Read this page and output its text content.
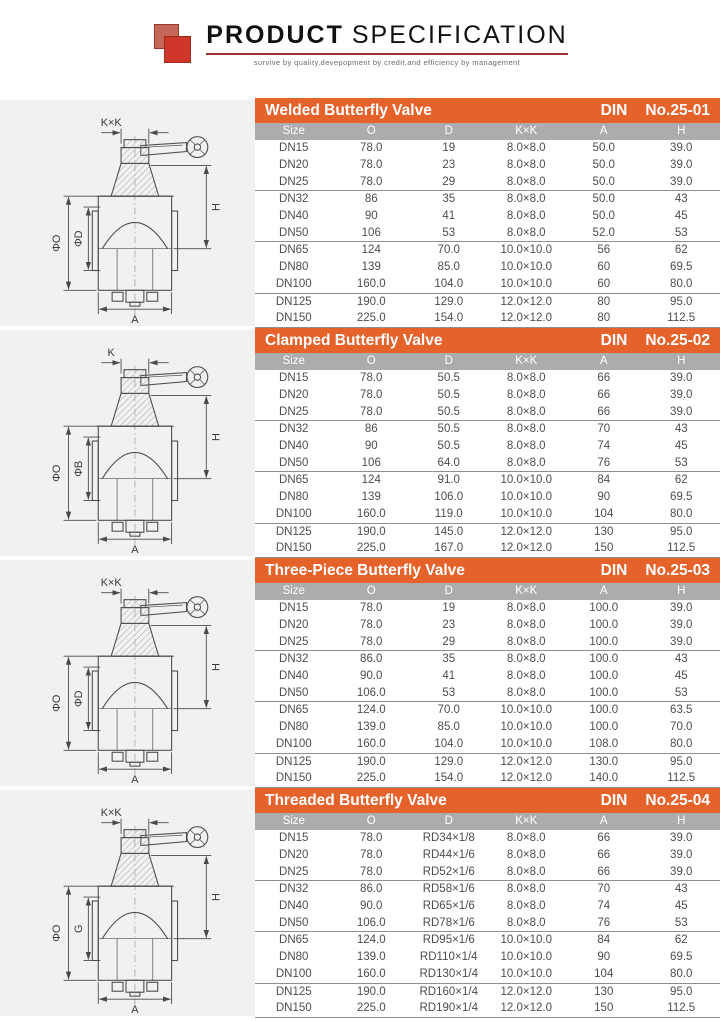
PRODUCT SPECIFICATION
survive by quality,devepopment by credit,and efficiency by management
K×K
ΦO ΦD
H
A
Welded Butterfly Valve	DIN No.25-01
Size	O	D	K×K	A	H
DN15	78.0	19	8.0×8.0	50.0	39.0
DN20	78.0	23	8.0×8.0	50.0	39.0
DN25	78.0	29	8.0×8.0	50.0	39.0
DN32	86	35	8.0×8.0	50.0	43
DN40	90	41	8.0×8.0	50.0	45
DN50	106	53	8.0×8.0	52.0	53
DN65	124	70.0	10.0×10.0	56	62
DN80	139	85.0	10.0×10.0	60	69.5
DN100	160.0	104.0	10.0×10.0	60	80.0
DN125	190.0	129.0	12.0×12.0	80	95.0
DN150	225.0	154.0	12.0×12.0	80	112.5
K
ΦO ΦB
H
A
Clamped Butterfly Valve	DIN No.25-02
Size	O	D	K×K	A	H
DN15	78.0	50.5	8.0×8.0	66	39.0
DN20	78.0	50.5	8.0×8.0	66	39.0
DN25	78.0	50.5	8.0×8.0	66	39.0
DN32	86	50.5	8.0×8.0	70	43
DN40	90	50.5	8.0×8.0	74	45
DN50	106	64.0	8.0×8.0	76	53
DN65	124	91.0	10.0×10.0	84	62
DN80	139	106.0	10.0×10.0	90	69.5
DN100	160.0	119.0	10.0×10.0	104	80.0
DN125	190.0	145.0	12.0×12.0	130	95.0
DN150	225.0	167.0	12.0×12.0	150	112.5
K×K
ΦO ΦD
H
A
Three-Piece Butterfly Valve	DIN No.25-03
Size	O	D	K×K	A	H
DN15	78.0	19	8.0×8.0	100.0	39.0
DN20	78.0	23	8.0×8.0	100.0	39.0
DN25	78.0	29	8.0×8.0	100.0	39.0
DN32	86.0	35	8.0×8.0	100.0	43
DN40	90.0	41	8.0×8.0	100.0	45
DN50	106.0	53	8.0×8.0	100.0	53
DN65	124.0	70.0	10.0×10.0	100.0	63.5
DN80	139.0	85.0	10.0×10.0	100.0	70.0
DN100	160.0	104.0	10.0×10.0	108.0	80.0
DN125	190.0	129.0	12.0×12.0	130.0	95.0
DN150	225.0	154.0	12.0×12.0	140.0	112.5
K×K
ΦO G
H
A
Threaded Butterfly Valve	DIN No.25-04
Size	O	D	K×K	A	H
DN15	78.0	RD34×1/8	8.0×8.0	66	39.0
DN20	78.0	RD44×1/6	8.0×8.0	66	39.0
DN25	78.0	RD52×1/6	8.0×8.0	66	39.0
DN32	86.0	RD58×1/6	8.0×8.0	70	43
DN40	90.0	RD65×1/6	8.0×8.0	74	45
DN50	106.0	RD78×1/6	8.0×8.0	76	53
DN65	124.0	RD95×1/6	10.0×10.0	84	62
DN80	139.0	RD110×1/4	10.0×10.0	90	69.5
DN100	160.0	RD130×1/4	10.0×10.0	104	80.0
DN125	190.0	RD160×1/4	12.0×12.0	130	95.0
DN150	225.0	RD190×1/4	12.0×12.0	150	112.5
